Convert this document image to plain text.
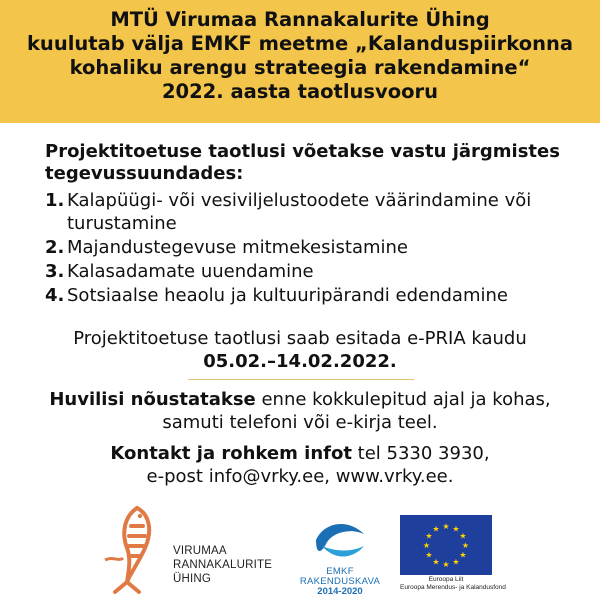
MTÜ Virumaa Rannakalurite Ühing
kuulutab välja EMKF meetme „Kalanduspiirkonna
kohaliku arengu strateegia rakendamine“
2022. aasta taotlusvooru
Projektitoetuse taotlusi võetakse vastu järgmistes
tegevussuundades:
1. Kalapüügi- või vesiviljelustoodete väärindamine või
turustamine
2. Majandustegevuse mitmekesistamine
3. Kalasadamate uuendamine
4. Sotsiaalse heaolu ja kultuuripärandi edendamine
Projektitoetuse taotlusi saab esitada e-PRIA kaudu
05.02.–14.02.2022.
Huvilisi nõustatakse enne kokkulepitud ajal ja kohas,
samuti telefoni või e-kirja teel.
Kontakt ja rohkem infot tel 5330 3930,
e-post info@vrky.ee, www.vrky.ee.
VIRUMAA
RANNAKALURITE
ÜHING
EMKF
RAKENDUSKAVA
2014-2020
★ ★
★
★
★
★
★
★
★
★
★
★
Euroopa Liit
Euroopa Merendus- ja Kalandusfond
